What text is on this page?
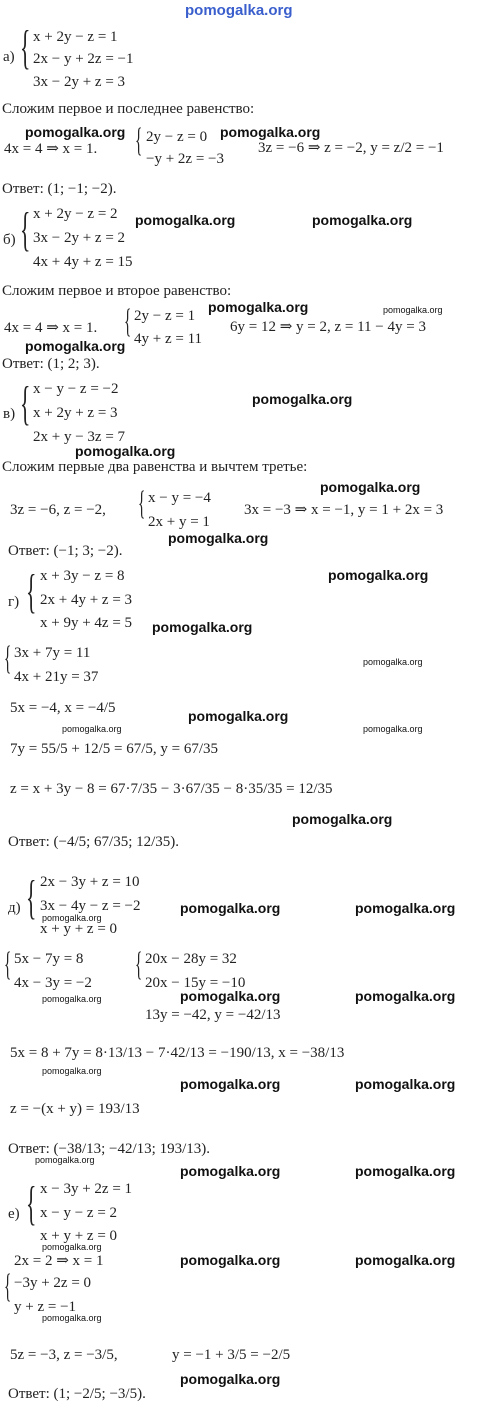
pomogalka.org
а) { x + 2y − z = 1
2x − y + 2z = −1
3x − 2y + z = 3
Сложим первое и последнее равенство:
pomogalka.org
4x = 4 ⇒ x = 1. { 2y − z = 0
−y + 2z = −3
pomogalka.org
3z = −6 ⇒ z = −2, y = z/2 = −1
Ответ: (1; −1; −2).
б) { x + 2y − z = 2
3x − 2y + z = 2
4x + 4y + z = 15
pomogalka.org	pomogalka.org
Сложим первое и второе равенство:
pomogalka.org	pomogalka.org
4x = 4 ⇒ x = 1. { 2y − z = 1
4y + z = 11
6y = 12 ⇒ y = 2, z = 11 − 4y = 3
pomogalka.org
Ответ: (1; 2; 3).
в) { x − y − z = −2
x + 2y + z = 3
2x + y − 3z = 7
pomogalka.org
pomogalka.org
Сложим первые два равенства и вычтем третье:
pomogalka.org
3z = −6, z = −2, { x − y = −4
2x + y = 1
3x = −3 ⇒ x = −1, y = 1 + 2x = 3
pomogalka.org
Ответ: (−1; 3; −2).
г) { x + 3y − z = 8
2x + 4y + z = 3
x + 9y + 4z = 5
pomogalka.org
pomogalka.org
{ 3x + 7y = 11
4x + 21y = 37
pomogalka.org
5x = −4, x = −4/5
pomogalka.org
pomogalka.org
pomogalka.org
7y = 55/5 + 12/5 = 67/5, y = 67/35
z = x + 3y − 8 = 67·7/35 − 3·67/35 − 8·35/35 = 12/35
pomogalka.org
Ответ: (−4/5; 67/35; 12/35).
д) { 2x − 3y + z = 10
3x − 4y − z = −2
pomogalka.org
x + y + z = 0
pomogalka.org	pomogalka.org
{ 5x − 7y = 8
4x − 3y = −2
pomogalka.org
{ 20x − 28y = 32
20x − 15y = −10
pomogalka.org	pomogalka.org
13y = −42, y = −42/13
5x = 8 + 7y = 8·13/13 − 7·42/13 = −190/13, x = −38/13
pomogalka.org
pomogalka.org	pomogalka.org
z = −(x + y) = 193/13
Ответ: (−38/13; −42/13; 193/13).
pomogalka.org
pomogalka.org	pomogalka.org
е) { x − 3y + 2z = 1
x − y − z = 2
x + y + z = 0
pomogalka.org
2x = 2 ⇒ x = 1	pomogalka.org	pomogalka.org
{ −3y + 2z = 0
y + z = −1
pomogalka.org
5z = −3, z = −3/5,	y = −1 + 3/5 = −2/5
pomogalka.org
Ответ: (1; −2/5; −3/5).
